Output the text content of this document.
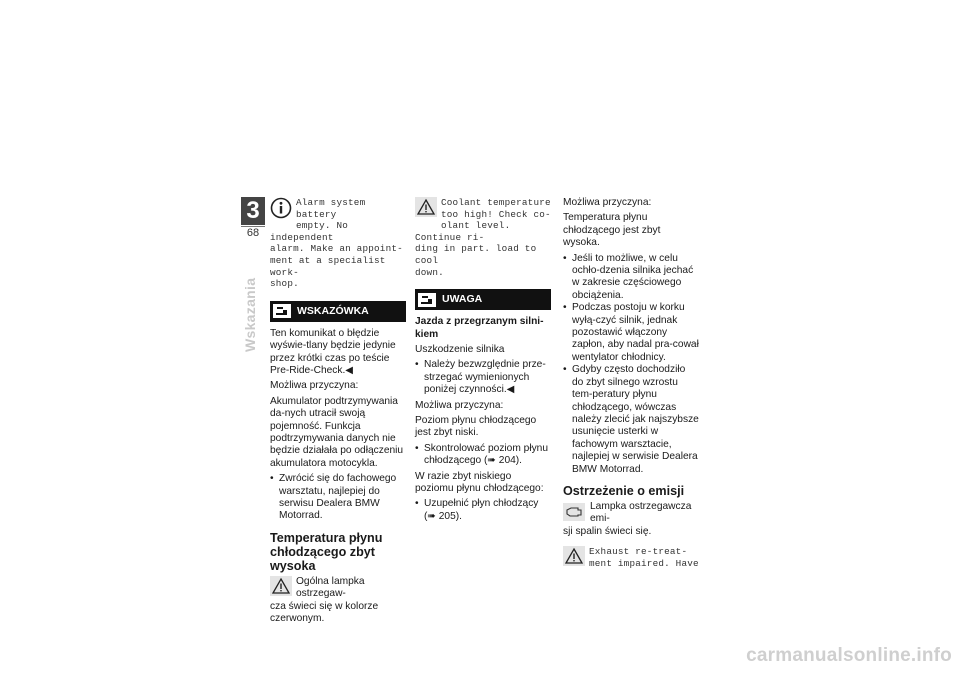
3
68
Wskazania
Alarm system battery
empty. No independent
alarm. Make an appoint-
ment at a specialist work-
shop.
WSKAZÓWKA

Ten komunikat o błędzie wyświe-tlany będzie jedynie przez krótki czas po teście Pre-Ride-Check.◀

Możliwa przyczyna:

Akumulator podtrzymywania da-nych utracił swoją pojemność. Funkcja podtrzymywania danych nie będzie działała po odłączeniu akumulatora motocykla.

• Zwrócić się do fachowego warsztatu, najlepiej do serwisu Dealera BMW Motorrad.
Temperatura płynu chłodzącego zbyt wysoka
Ogólna lampka ostrzegaw-
cza świeci się w kolorze
czerwonym.
Coolant temperature
too high! Check co-
olant level. Continue ri-
ding in part. load to cool
down.
UWAGA

Jazda z przegrzanym silni-kiem

Uszkodzenie silnika

• Należy bezwzględnie prze-strzegać wymienionych poniżej czynności.◀

Możliwa przyczyna:

Poziom płynu chłodzącego jest zbyt niski.

• Skontrolować poziom płynu chłodzącego (➠ 204).

W razie zbyt niskiego poziomu płynu chłodzącego:

• Uzupełnić płyn chłodzący (➠ 205).

Możliwa przyczyna:

Temperatura płynu chłodzącego jest zbyt wysoka.

• Jeśli to możliwe, w celu ochło-dzenia silnika jechać w zakresie częściowego obciążenia.
• Podczas postoju w korku wyłą-czyć silnik, jednak pozostawić włączony zapłon, aby nadal pra-cował wentylator chłodnicy.
• Gdyby często dochodziło do zbyt silnego wzrostu tem-peratury płynu chłodzącego, wówczas należy zlecić jak najszybsze usunięcie usterki w fachowym warsztacie, najlepiej w serwisie Dealera BMW Motorrad.
Ostrzeżenie o emisji
Lampka ostrzegawcza emi-
sji spalin świeci się.
Exhaust re-treat-
ment impaired. Have
carmanualsonline.info
